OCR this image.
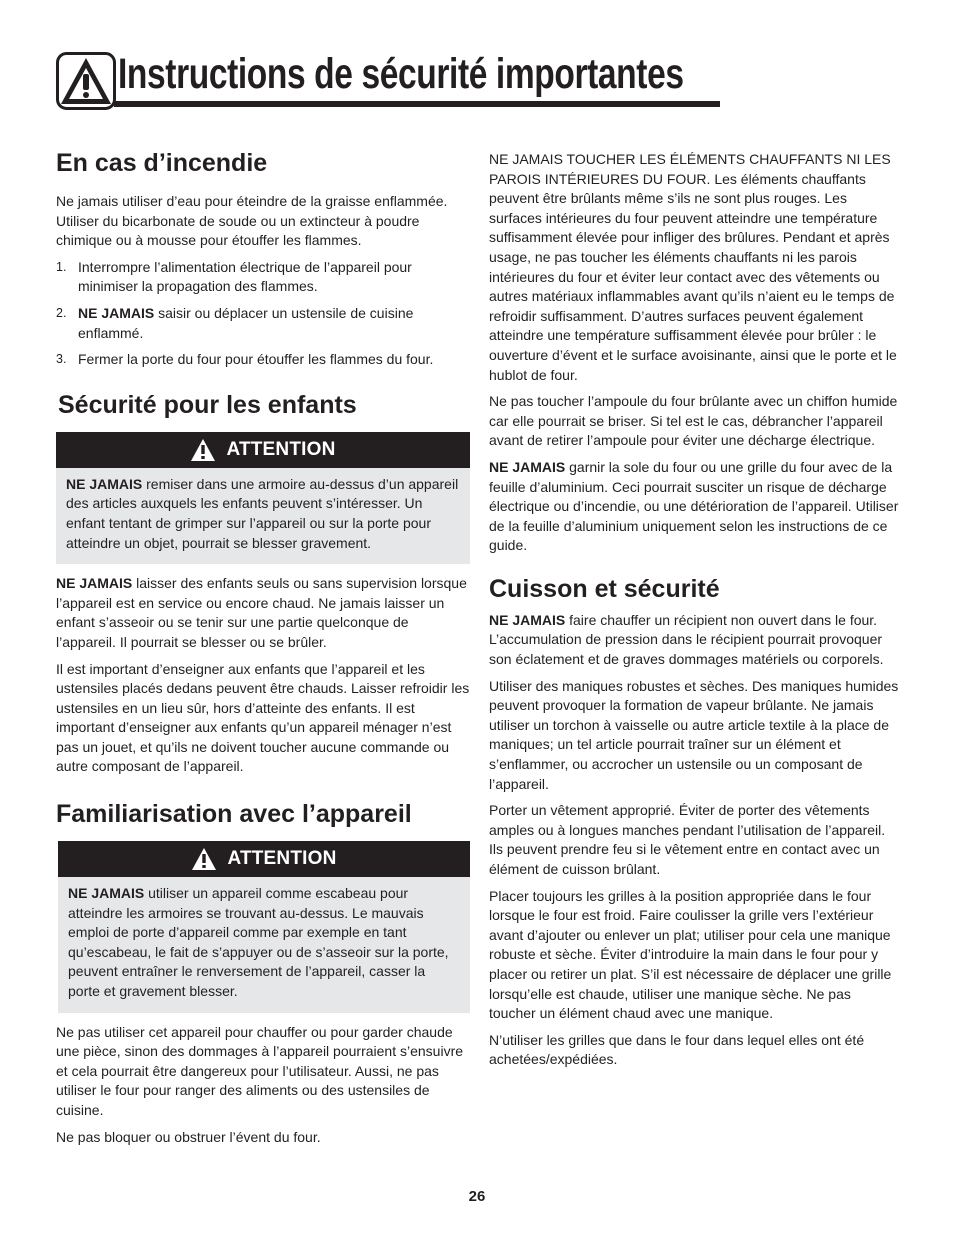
Instructions de sécurité importantes
En cas d’incendie

Ne jamais utiliser d’eau pour éteindre de la graisse enflammée. Utiliser du bicarbonate de soude ou un extincteur à poudre chimique ou à mousse pour étouffer les flammes.

1. Interrompre l’alimentation électrique de l’appareil pour minimiser la propagation des flammes.
2. NE JAMAIS saisir ou déplacer un ustensile de cuisine enflammé.
3. Fermer la porte du four pour étouffer les flammes du four.
Sécurité pour les enfants
ATTENTION

NE JAMAIS remiser dans une armoire au-dessus d’un appareil des articles auxquels les enfants peuvent s’intéresser. Un enfant tentant de grimper sur l’appareil ou sur la porte pour atteindre un objet, pourrait se blesser gravement.

NE JAMAIS laisser des enfants seuls ou sans supervision lorsque l’appareil est en service ou encore chaud. Ne jamais laisser un enfant s’asseoir ou se tenir sur une partie quelconque de l’appareil. Il pourrait se blesser ou se brûler.

Il est important d’enseigner aux enfants que l’appareil et les ustensiles placés dedans peuvent être chauds. Laisser refroidir les ustensiles en un lieu sûr, hors d’atteinte des enfants. Il est important d’enseigner aux enfants qu’un appareil ménager n’est pas un jouet, et qu’ils ne doivent toucher aucune commande ou autre composant de l’appareil.

Familiarisation avec l’appareil
ATTENTION

NE JAMAIS utiliser un appareil comme escabeau pour atteindre les armoires se trouvant au-dessus. Le mauvais emploi de porte d’appareil comme par exemple en tant qu’escabeau, le fait de s’appuyer ou de s’asseoir sur la porte, peuvent entraîner le renversement de l’appareil, casser la porte et gravement blesser.

Ne pas utiliser cet appareil pour chauffer ou pour garder chaude une pièce, sinon des dommages à l’appareil pourraient s’ensuivre et cela pourrait être dangereux pour l’utilisateur. Aussi, ne pas utiliser le four pour ranger des aliments ou des ustensiles de cuisine.

Ne pas bloquer ou obstruer l’évent du four.

NE JAMAIS TOUCHER LES ÉLÉMENTS CHAUFFANTS NI LES PAROIS INTÉRIEURES DU FOUR. Les éléments chauffants peuvent être brûlants même s’ils ne sont plus rouges. Les surfaces intérieures du four peuvent atteindre une température suffisamment élevée pour infliger des brûlures. Pendant et après usage, ne pas toucher les éléments chauffants ni les parois intérieures du four et éviter leur contact avec des vêtements ou autres matériaux inflammables avant qu’ils n’aient eu le temps de refroidir suffisamment. D’autres surfaces peuvent également atteindre une température suffisamment élevée pour brûler : le ouverture d’évent et le surface avoisinante, ainsi que le porte et le hublot de four.

Ne pas toucher l’ampoule du four brûlante avec un chiffon humide car elle pourrait se briser. Si tel est le cas, débrancher l’appareil avant de retirer l’ampoule pour éviter une décharge électrique.

NE JAMAIS garnir la sole du four ou une grille du four avec de la feuille d’aluminium. Ceci pourrait susciter un risque de décharge électrique ou d’incendie, ou une détérioration de l’appareil. Utiliser de la feuille d’aluminium uniquement selon les instructions de ce guide.

Cuisson et sécurité

NE JAMAIS faire chauffer un récipient non ouvert dans le four. L’accumulation de pression dans le récipient pourrait provoquer son éclatement et de graves dommages matériels ou corporels.

Utiliser des maniques robustes et sèches. Des maniques humides peuvent provoquer la formation de vapeur brûlante. Ne jamais utiliser un torchon à vaisselle ou autre article textile à la place de maniques; un tel article pourrait traîner sur un élément et s’enflammer, ou accrocher un ustensile ou un composant de l’appareil.

Porter un vêtement approprié. Éviter de porter des vêtements amples ou à longues manches pendant l’utilisation de l’appareil. Ils peuvent prendre feu si le vêtement entre en contact avec un élément de cuisson brûlant.

Placer toujours les grilles à la position appropriée dans le four lorsque le four est froid. Faire coulisser la grille vers l’extérieur avant d’ajouter ou enlever un plat; utiliser pour cela une manique robuste et sèche. Éviter d’introduire la main dans le four pour y placer ou retirer un plat. S’il est nécessaire de déplacer une grille lorsqu’elle est chaude, utiliser une manique sèche. Ne pas toucher un élément chaud avec une manique.

N’utiliser les grilles que dans le four dans lequel elles ont été achetées/expédiées.

26
